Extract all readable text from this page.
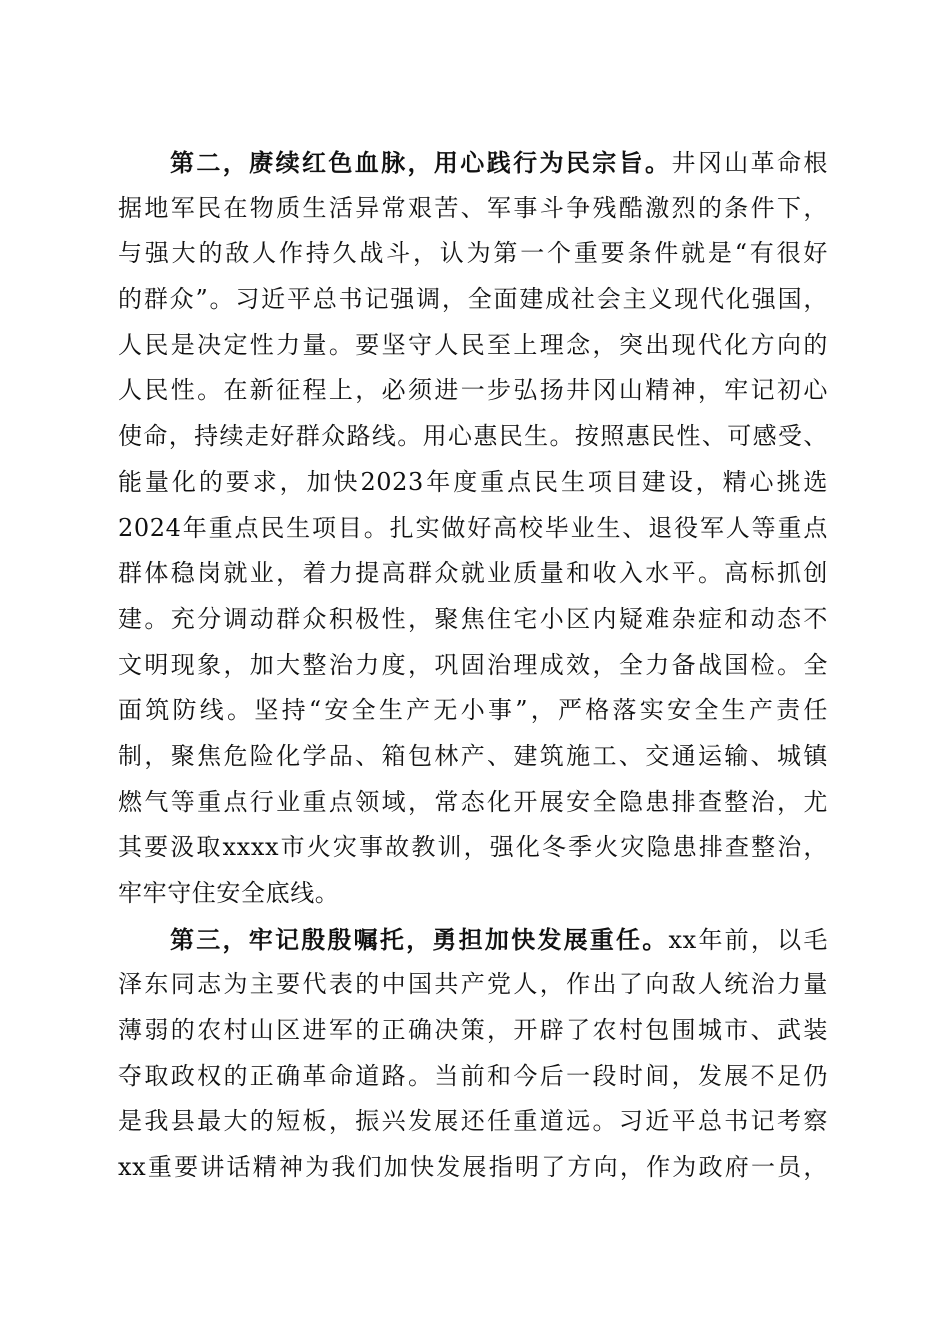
第二，赓续红色血脉，用心践行为民宗旨。井冈山革命根
据地军民在物质生活异常艰苦、军事斗争残酷激烈的条件下，
与强大的敌人作持久战斗，认为第一个重要条件就是“有很好
的群众”。习近平总书记强调，全面建成社会主义现代化强国，
人民是决定性力量。要坚守人民至上理念，突出现代化方向的
人民性。在新征程上，必须进一步弘扬井冈山精神，牢记初心
使命，持续走好群众路线。用心惠民生。按照惠民性、可感受、
能量化的要求，加快2023年度重点民生项目建设，精心挑选
2024年重点民生项目。扎实做好高校毕业生、退役军人等重点
群体稳岗就业，着力提高群众就业质量和收入水平。高标抓创
建。充分调动群众积极性，聚焦住宅小区内疑难杂症和动态不
文明现象，加大整治力度，巩固治理成效，全力备战国检。全
面筑防线。坚持“安全生产无小事”，严格落实安全生产责任
制，聚焦危险化学品、箱包林产、建筑施工、交通运输、城镇
燃气等重点行业重点领域，常态化开展安全隐患排查整治，尤
其要汲取xxxx市火灾事故教训，强化冬季火灾隐患排查整治，
牢牢守住安全底线。
第三，牢记殷殷嘱托，勇担加快发展重任。xx年前，以毛
泽东同志为主要代表的中国共产党人，作出了向敌人统治力量
薄弱的农村山区进军的正确决策，开辟了农村包围城市、武装
夺取政权的正确革命道路。当前和今后一段时间，发展不足仍
是我县最大的短板，振兴发展还任重道远。习近平总书记考察
xx重要讲话精神为我们加快发展指明了方向，作为政府一员，
